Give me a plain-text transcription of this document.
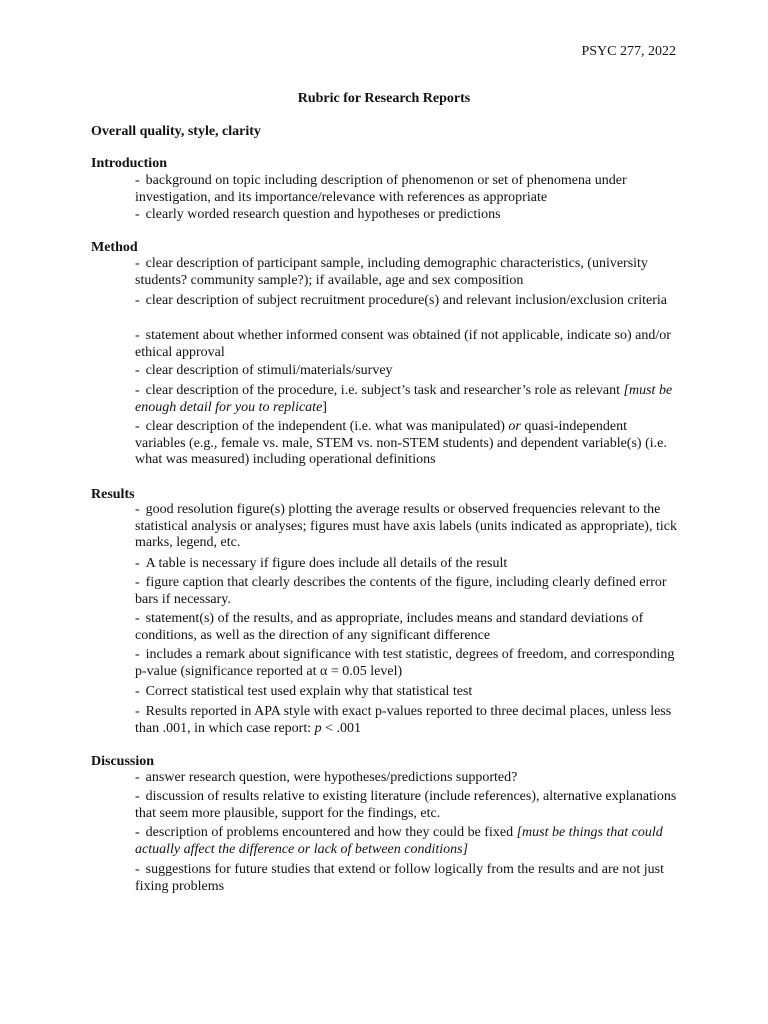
PSYC 277, 2022
Rubric for Research Reports
Overall quality, style, clarity
Introduction
- background on topic including description of phenomenon or set of phenomena under investigation, and its importance/relevance with references as appropriate
- clearly worded research question and hypotheses or predictions
Method
- clear description of participant sample, including demographic characteristics, (university students? community sample?); if available, age and sex composition
- clear description of subject recruitment procedure(s) and relevant inclusion/exclusion criteria
- statement about whether informed consent was obtained (if not applicable, indicate so) and/or ethical approval
- clear description of stimuli/materials/survey
- clear description of the procedure, i.e. subject’s task and researcher’s role as relevant [must be enough detail for you to replicate]
- clear description of the independent (i.e. what was manipulated) or quasi-independent variables (e.g., female vs. male, STEM vs. non-STEM students) and dependent variable(s) (i.e. what was measured) including operational definitions
Results
- good resolution figure(s) plotting the average results or observed frequencies relevant to the statistical analysis or analyses; figures must have axis labels (units indicated as appropriate), tick marks, legend, etc.
- A table is necessary if figure does include all details of the result
- figure caption that clearly describes the contents of the figure, including clearly defined error bars if necessary.
- statement(s) of the results, and as appropriate, includes means and standard deviations of conditions, as well as the direction of any significant difference
- includes a remark about significance with test statistic, degrees of freedom, and corresponding p-value (significance reported at α = 0.05 level)
- Correct statistical test used explain why that statistical test
- Results reported in APA style with exact p-values reported to three decimal places, unless less than .001, in which case report: p < .001
Discussion
- answer research question, were hypotheses/predictions supported?
- discussion of results relative to existing literature (include references), alternative explanations that seem more plausible, support for the findings, etc.
- description of problems encountered and how they could be fixed [must be things that could actually affect the difference or lack of between conditions]
- suggestions for future studies that extend or follow logically from the results and are not just fixing problems
